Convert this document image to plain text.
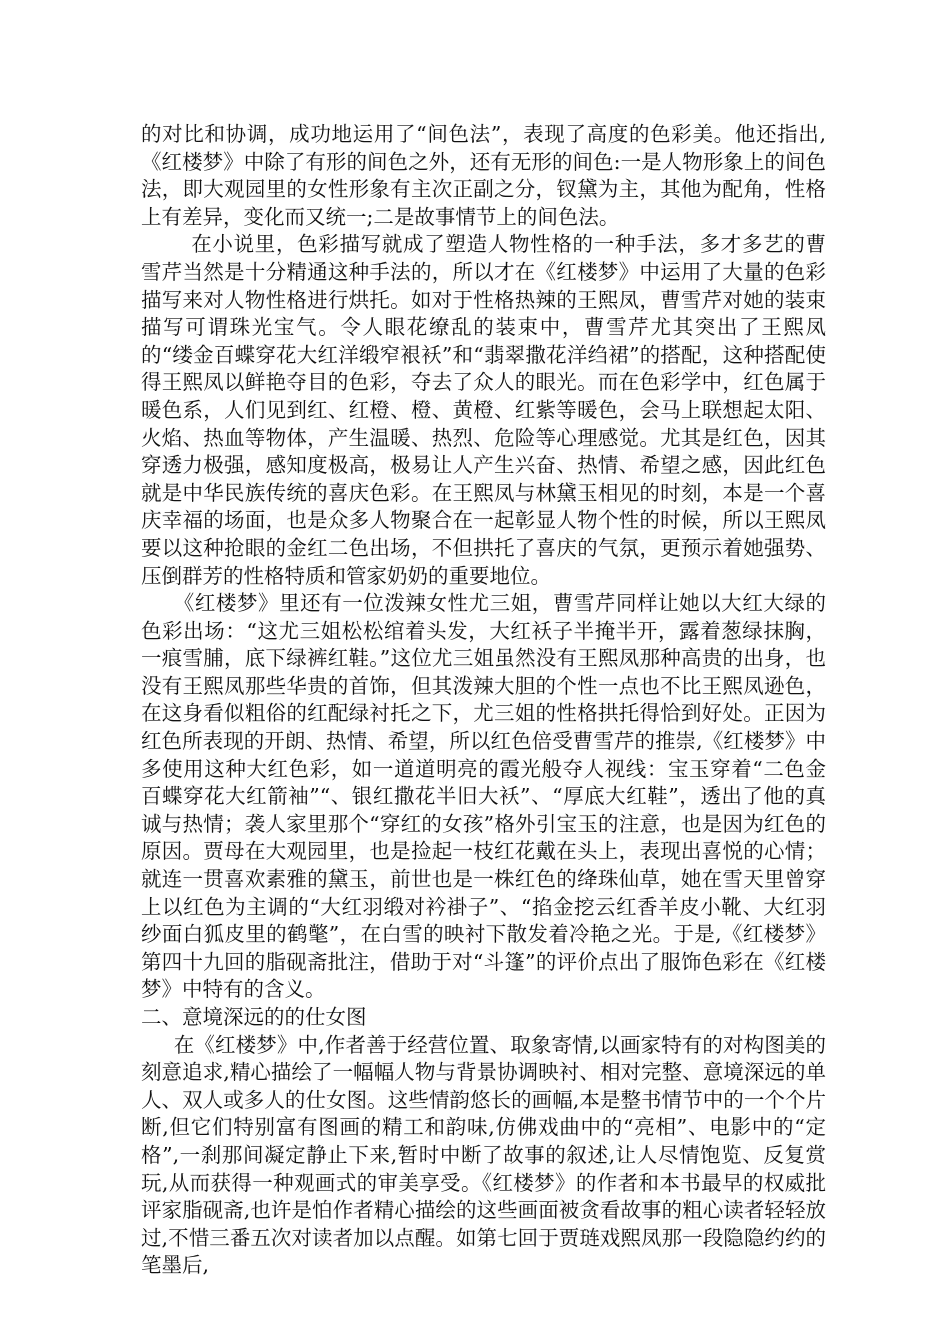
的对比和协调，成功地运用了“间色法”，表现了高度的色彩美。他还指出,《红楼梦》中除了有形的间色之外，还有无形的间色:一是人物形象上的间色法，即大观园里的女性形象有主次正副之分，钗黛为主，其他为配角，性格上有差异，变化而又统一;二是故事情节上的间色法。

在小说里，色彩描写就成了塑造人物性格的一种手法，多才多艺的曹雪芹当然是十分精通这种手法的，所以才在《红楼梦》中运用了大量的色彩描写来对人物性格进行烘托。如对于性格热辣的王熙凤，曹雪芹对她的装束描写可谓珠光宝气。令人眼花缭乱的装束中，曹雪芹尤其突出了王熙凤的“缕金百蝶穿花大红洋缎窄裉袄”和“翡翠撒花洋绉裙”的搭配，这种搭配使得王熙凤以鲜艳夺目的色彩，夺去了众人的眼光。而在色彩学中，红色属于暖色系，人们见到红、红橙、橙、黄橙、红紫等暖色，会马上联想起太阳、火焰、热血等物体，产生温暖、热烈、危险等心理感觉。尤其是红色，因其穿透力极强，感知度极高，极易让人产生兴奋、热情、希望之感，因此红色就是中华民族传统的喜庆色彩。在王熙凤与林黛玉相见的时刻，本是一个喜庆幸福的场面，也是众多人物聚合在一起彰显人物个性的时候，所以王熙凤要以这种抢眼的金红二色出场，不但拱托了喜庆的气氛，更预示着她强势、压倒群芳的性格特质和管家奶奶的重要地位。

《红楼梦》里还有一位泼辣女性尤三姐，曹雪芹同样让她以大红大绿的色彩出场：“这尤三姐松松绾着头发，大红袄子半掩半开，露着葱绿抹胸，一痕雪脯，底下绿裤红鞋。”这位尤三姐虽然没有王熙凤那种高贵的出身，也没有王熙凤那些华贵的首饰，但其泼辣大胆的个性一点也不比王熙凤逊色，在这身看似粗俗的红配绿衬托之下，尤三姐的性格拱托得恰到好处。正因为红色所表现的开朗、热情、希望，所以红色倍受曹雪芹的推崇,《红楼梦》中多使用这种大红色彩，如一道道明亮的霞光般夺人视线：宝玉穿着“二色金百蝶穿花大红箭袖”“、银红撒花半旧大袄”、“厚底大红鞋”，透出了他的真诚与热情；袭人家里那个“穿红的女孩”格外引宝玉的注意，也是因为红色的原因。贾母在大观园里，也是捡起一枝红花戴在头上，表现出喜悦的心情；就连一贯喜欢素雅的黛玉，前世也是一株红色的绛珠仙草，她在雪天里曾穿上以红色为主调的“大红羽缎对衿褂子”、“掐金挖云红香羊皮小靴、大红羽纱面白狐皮里的鹤氅”，在白雪的映衬下散发着冷艳之光。于是,《红楼梦》第四十九回的脂砚斋批注，借助于对“斗篷”的评价点出了服饰色彩在《红楼梦》中特有的含义。

二、意境深远的的仕女图

在《红楼梦》中,作者善于经营位置、取象寄情,以画家特有的对构图美的刻意追求,精心描绘了一幅幅人物与背景协调映衬、相对完整、意境深远的单人、双人或多人的仕女图。这些情韵悠长的画幅,本是整书情节中的一个个片断,但它们特别富有图画的精工和韵味,仿佛戏曲中的“亮相”、电影中的“定格”,一刹那间凝定静止下来,暂时中断了故事的叙述,让人尽情饱览、反复赏玩,从而获得一种观画式的审美享受。《红楼梦》的作者和本书最早的权威批评家脂砚斋,也许是怕作者精心描绘的这些画面被贪看故事的粗心读者轻轻放过,不惜三番五次对读者加以点醒。如第七回于贾琏戏熙凤那一段隐隐约约的笔墨后,
